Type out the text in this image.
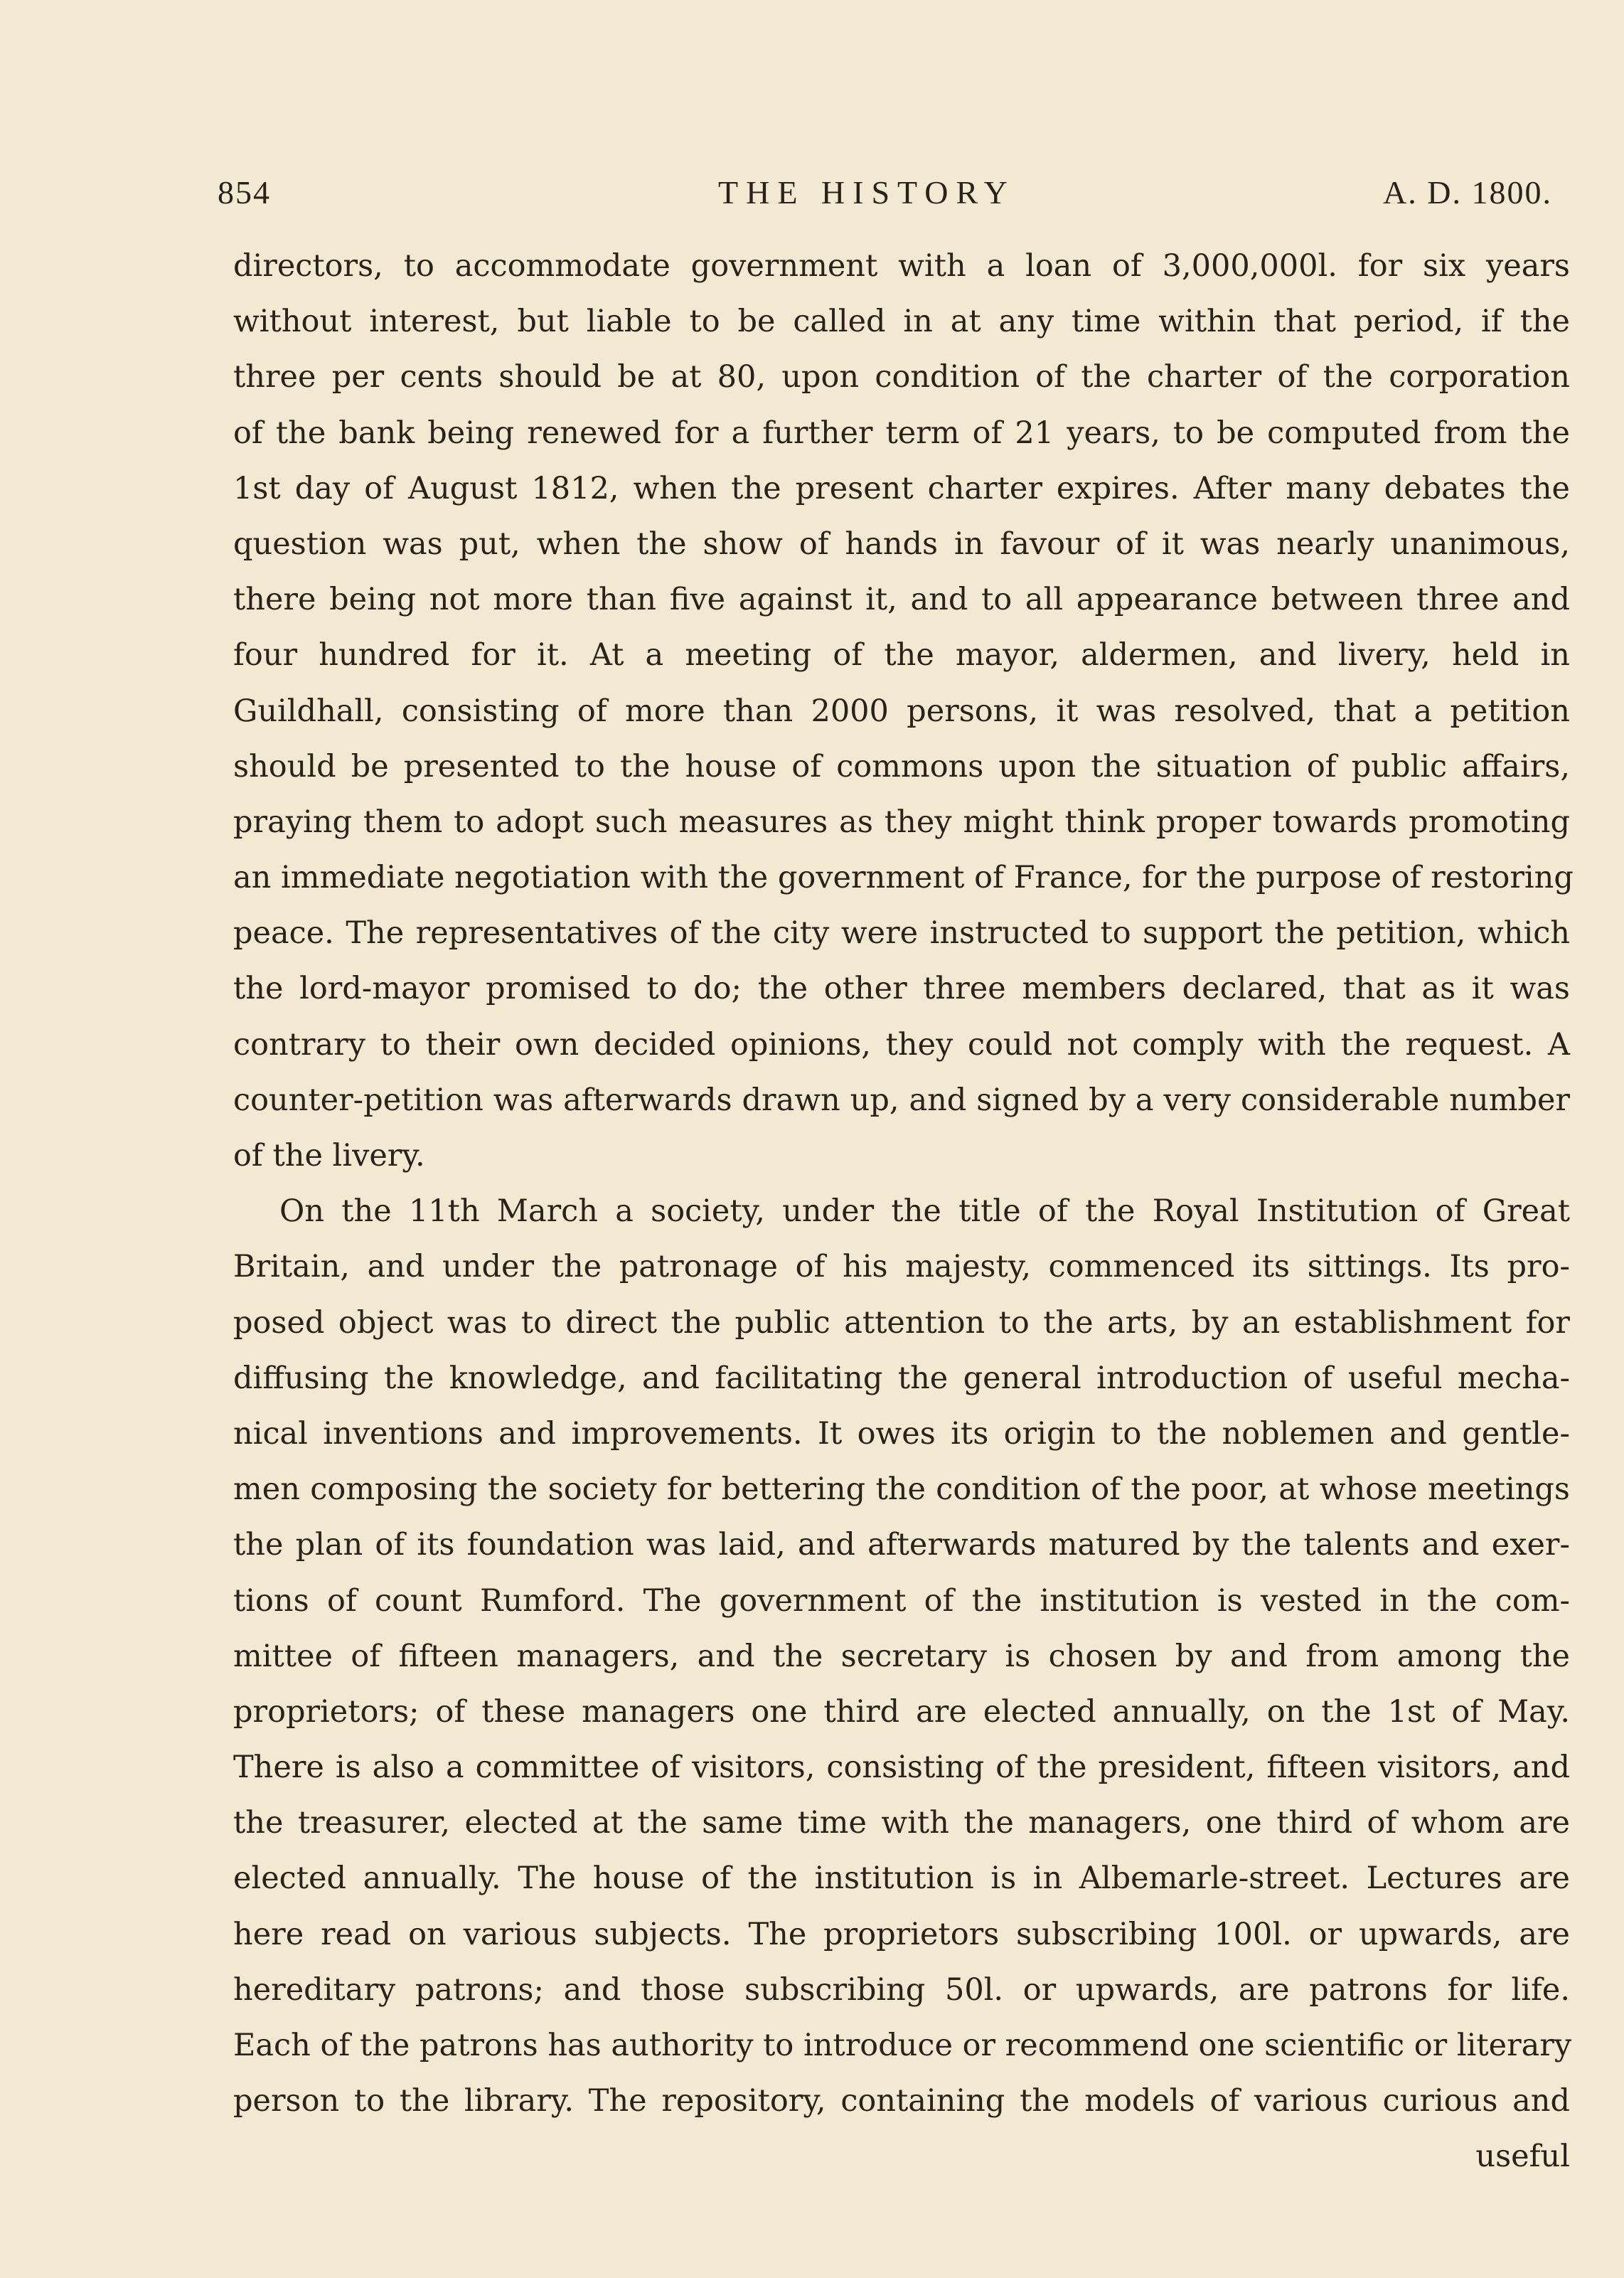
854	THE HISTORY	A. D. 1800.
directors, to accommodate government with a loan of 3,000,000l. for six years
without interest, but liable to be called in at any time within that period, if the
three per cents should be at 80, upon condition of the charter of the corporation
of the bank being renewed for a further term of 21 years, to be computed from the
1st day of August 1812, when the present charter expires. After many debates the
question was put, when the show of hands in favour of it was nearly unanimous,
there being not more than five against it, and to all appearance between three and
four hundred for it. At a meeting of the mayor, aldermen, and livery, held in
Guildhall, consisting of more than 2000 persons, it was resolved, that a petition
should be presented to the house of commons upon the situation of public affairs,
praying them to adopt such measures as they might think proper towards promoting
an immediate negotiation with the government of France, for the purpose of restoring
peace. The representatives of the city were instructed to support the petition, which
the lord-mayor promised to do; the other three members declared, that as it was
contrary to their own decided opinions, they could not comply with the request. A
counter-petition was afterwards drawn up, and signed by a very considerable number
of the livery.
On the 11th March a society, under the title of the Royal Institution of Great
Britain, and under the patronage of his majesty, commenced its sittings. Its pro-
posed object was to direct the public attention to the arts, by an establishment for
diffusing the knowledge, and facilitating the general introduction of useful mecha-
nical inventions and improvements. It owes its origin to the noblemen and gentle-
men composing the society for bettering the condition of the poor, at whose meetings
the plan of its foundation was laid, and afterwards matured by the talents and exer-
tions of count Rumford. The government of the institution is vested in the com-
mittee of fifteen managers, and the secretary is chosen by and from among the
proprietors; of these managers one third are elected annually, on the 1st of May.
There is also a committee of visitors, consisting of the president, fifteen visitors, and
the treasurer, elected at the same time with the managers, one third of whom are
elected annually. The house of the institution is in Albemarle-street. Lectures are
here read on various subjects. The proprietors subscribing 100l. or upwards, are
hereditary patrons; and those subscribing 50l. or upwards, are patrons for life.
Each of the patrons has authority to introduce or recommend one scientific or literary
person to the library. The repository, containing the models of various curious and
useful
